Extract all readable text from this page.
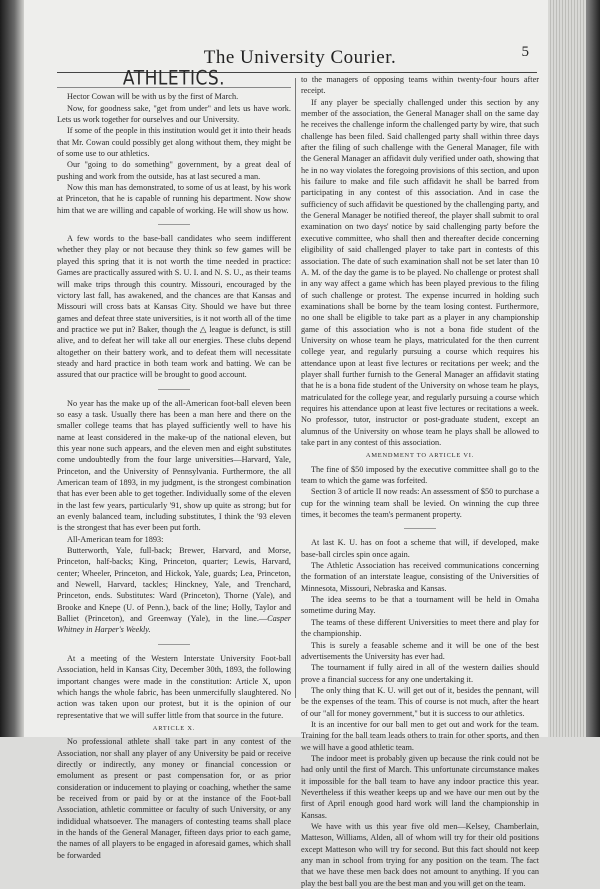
The University Courier.	5
ATHLETICS.

Hector Cowan will be with us by the first of March.

Now, for goodness sake, "get from under" and lets us have work. Lets us work together for ourselves and our University.

If some of the people in this institution would get it into their heads that Mr. Cowan could possibly get along without them, they might be of some use to our athletics.

Our "going to do something" government, by a great deal of pushing and work from the outside, has at last secured a man.

Now this man has demonstrated, to some of us at least, by his work at Princeton, that he is capable of running his department. Now show him that we are willing and capable of working. He will show us how.

A few words to the base-ball candidates who seem indifferent whether they play or not because they think so few games will be played this spring that it is not worth the time needed in practice: Games are practically assured with S. U. I. and N. S. U., as their teams will make trips through this country. Missouri, encouraged by the victory last fall, has awakened, and the chances are that Kansas and Missouri will cross bats at Kansas City. Should we have but three games and defeat three state universities, is it not worth all of the time and practice we put in? Baker, though the △ league is defunct, is still alive, and to defeat her will take all our energies. These clubs depend altogether on their battery work, and to defeat them will necessitate steady and hard practice in both team work and batting. We can be assured that our practice will be brought to good account.

No year has the make up of the all-American foot-ball eleven been so easy a task. Usually there has been a man here and there on the smaller college teams that has played sufficiently well to have his name at least considered in the make-up of the national eleven, but this year none such appears, and the eleven men and eight substitutes come undoubtedly from the four large universities—Harvard, Yale, Princeton, and the University of Pennsylvania. Furthermore, the all American team of 1893, in my judgment, is the strongest combination that has ever been able to get together. Individually some of the eleven in the last few years, particularly '91, show up quite as strong; but for an evenly balanced team, including substitutes, I think the '93 eleven is the strongest that has ever been put forth.

All-American team for 1893:

Butterworth, Yale, full-back; Brewer, Harvard, and Morse, Princeton, half-backs; King, Princeton, quarter; Lewis, Harvard, center; Wheeler, Princeton, and Hickok, Yale, guards; Lea, Princeton, and Newell, Harvard, tackles; Hinckney, Yale, and Trenchard, Princeton, ends. Substitutes: Ward (Princeton), Thorne (Yale), and Brooke and Knepe (U. of Penn.), back of the line; Holly, Taylor and Balliet (Princeton), and Greenway (Yale), in the line.—Casper Whitney in Harper's Weekly.

At a meeting of the Western Interstate University Foot-ball Association, held in Kansas City, December 30th, 1893, the following important changes were made in the constitution: Article X, upon which hangs the whole fabric, has been unmercifully slaughtered. No action was taken upon our protest, but it is the opinion of our representative that we will suffer little from that source in the future.

ARTICLE X.

No professional athlete shall take part in any contest of the Association, nor shall any player of any University be paid or receive directly or indirectly, any money or financial concession or emolument as present or past compensation for, or as prior consideration or inducement to playing or coaching, whether the same be received from or paid by or at the instance of the Foot-ball Association, athletic committee or faculty of such University, or any indididual whatsoever. The managers of contesting teams shall place in the hands of the General Manager, fifteen days prior to each game, the names of all players to be engaged in aforesaid games, which shall be forwarded

to the managers of opposing teams within twenty-four hours after receipt.

If any player be specially challenged under this section by any member of the association, the General Manager shall on the same day he receives the challenge inform the challenged party by wire, that such challenge has been filed. Said challenged party shall within three days after the filing of such challenge with the General Manager, file with the General Manager an affidavit duly verified under oath, showing that he in no way violates the foregoing provisions of this section, and upon his failure to make and file such affidavit he shall be barred from participating in any contest of this association. And in case the sufficiency of such affidavit be questioned by the challenging party, and the General Manager be notified thereof, the player shall submit to oral examination on two days' notice by said challenging party before the executive committee, who shall then and thereafter decide concerning eligibility of said challenged player to take part in contests of this association. The date of such examination shall not be set later than 10 A. M. of the day the game is to be played. No challenge or protest shall in any way affect a game which has been played previous to the filing of such challenge or protest. The expense incurred in holding such examinations shall be borne by the team losing contest. Furthermore, no one shall be eligible to take part as a player in any championship game of this association who is not a bona fide student of the University on whose team he plays, matriculated for the then current college year, and regularly pursuing a course which requires his attendance upon at least five lectures or recitations per week; and the player shall further furnish to the General Manager an affidavit stating that he is a bona fide student of the University on whose team he plays, matriculated for the college year, and regularly pursuing a course which requires his attendance upon at least five lectures or recitations a week. No professor, tutor, instructor or post-graduate student, except an alumnus of the University on whose team he plays shall be allowed to take part in any contest of this association.

AMENDMENT TO ARTICLE VI.

The fine of $50 imposed by the executive committee shall go to the team to which the game was forfeited.

Section 3 of article II now reads: An assessment of $50 to purchase a cup for the winning team shall be levied. On winning the cup three times, it becomes the team's permanent property.

At last K. U. has on foot a scheme that will, if developed, make base-ball circles spin once again.

The Athletic Association has received communications concerning the formation of an interstate league, consisting of the Universities of Minnesota, Missouri, Nebraska and Kansas.

The idea seems to be that a tournament will be held in Omaha sometime during May.

The teams of these different Universities to meet there and play for the championship.

This is surely a feasable scheme and it will be one of the best advertisements the University has ever had.

The tournament if fully aired in all of the western dailies should prove a financial success for any one undertaking it.

The only thing that K. U. will get out of it, besides the pennant, will be the expenses of the team. This of course is not much, after the heart of our "all for money government," but it is success to our athletics.

It is an incentive for our ball men to get out and work for the team. Training for the ball team leads others to train for other sports, and then we will have a good athletic team.

The indoor meet is probably given up because the rink could not be had only until the first of March. This unfortunate circumstance makes it impossible for the ball team to have any indoor practice this year. Nevertheless if this weather keeps up and we have our men out by the first of April enough good hard work will land the championship in Kansas.

We have with us this year five old men—Kelsey, Chamberlain, Matteson, Williams, Alden, all of whom will try for their old positions except Matteson who will try for second. But this fact should not keep any man in school from trying for any position on the team. The fact that we have these men back does not amount to anything. If you can play the best ball you are the best man and you will get on the team.
